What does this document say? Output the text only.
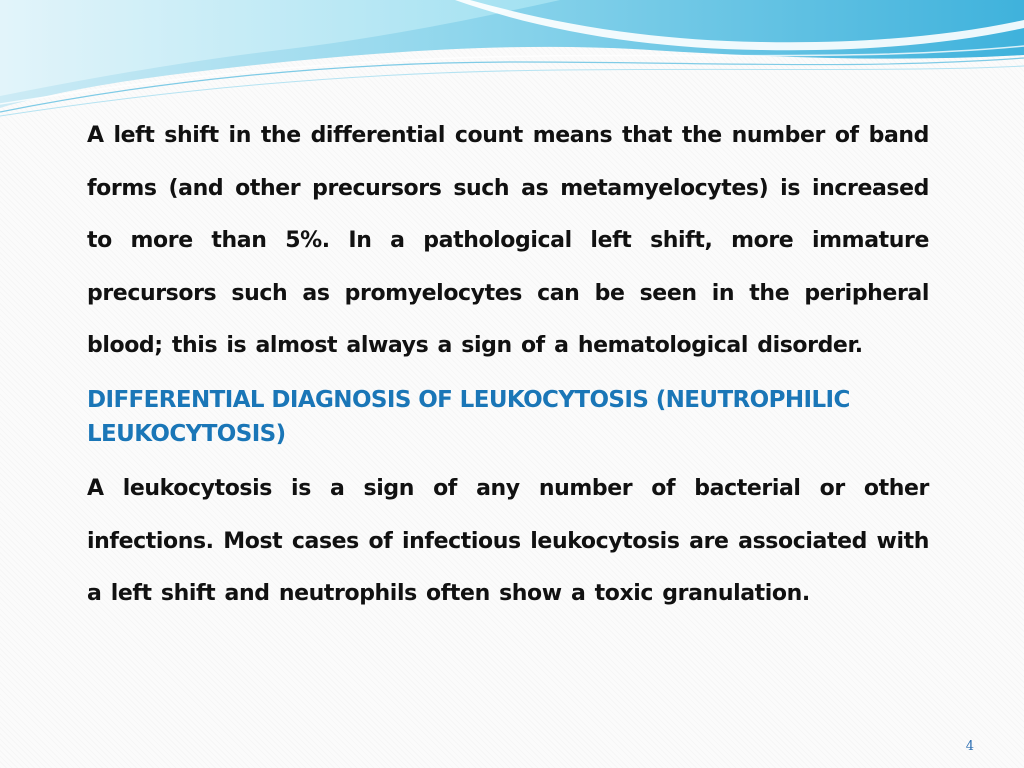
A left shift in the differential count means that the number of band forms (and other precursors such as metamyelocytes) is increased to more than 5%. In a pathological left shift, more immature precursors such as promyelocytes can be seen in the peripheral blood; this is almost always a sign of a hematological disorder.

DIFFERENTIAL DIAGNOSIS OF LEUKOCYTOSIS (NEUTROPHILIC LEUKOCYTOSIS)

A leukocytosis is a sign of any number of bacterial or other infections. Most cases of infectious leukocytosis are associated with a left shift and neutrophils often show a toxic granulation.

4
